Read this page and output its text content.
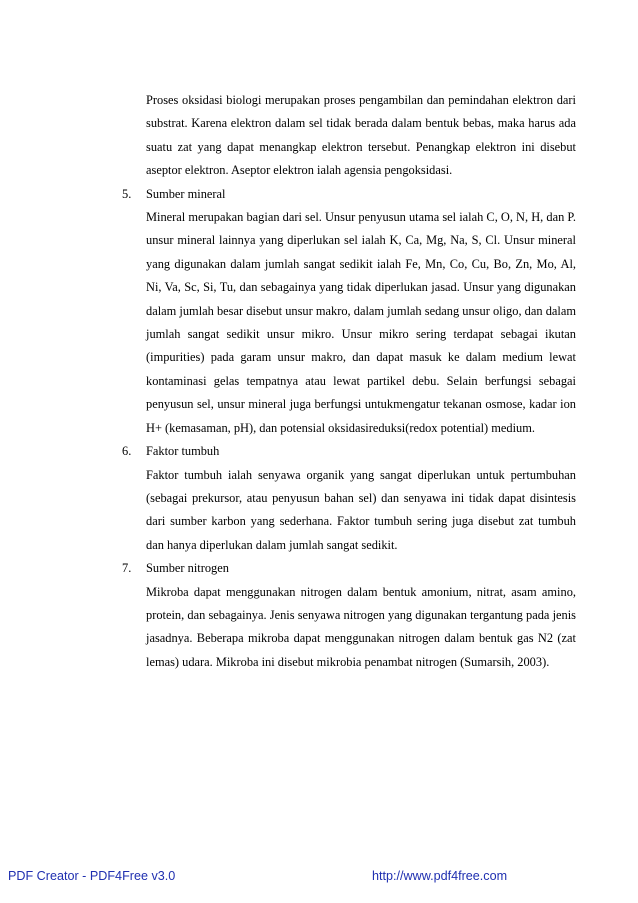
Proses oksidasi biologi merupakan proses pengambilan dan pemindahan elektron dari substrat. Karena elektron dalam sel tidak berada dalam bentuk bebas, maka harus ada suatu zat yang dapat menangkap elektron tersebut. Penangkap elektron ini disebut aseptor elektron. Aseptor elektron ialah agensia pengoksidasi.

5. Sumber mineral

Mineral merupakan bagian dari sel. Unsur penyusun utama sel ialah C, O, N, H, dan P. unsur mineral lainnya yang diperlukan sel ialah K, Ca, Mg, Na, S, Cl. Unsur mineral yang digunakan dalam jumlah sangat sedikit ialah Fe, Mn, Co, Cu, Bo, Zn, Mo, Al, Ni, Va, Sc, Si, Tu, dan sebagainya yang tidak diperlukan jasad. Unsur yang digunakan dalam jumlah besar disebut unsur makro, dalam jumlah sedang unsur oligo, dan dalam jumlah sangat sedikit unsur mikro. Unsur mikro sering terdapat sebagai ikutan (impurities) pada garam unsur makro, dan dapat masuk ke dalam medium lewat kontaminasi gelas tempatnya atau lewat partikel debu. Selain berfungsi sebagai penyusun sel, unsur mineral juga berfungsi untukmengatur tekanan osmose, kadar ion H+ (kemasaman, pH), dan potensial oksidasireduksi(redox potential) medium.

6. Faktor tumbuh

Faktor tumbuh ialah senyawa organik yang sangat diperlukan untuk pertumbuhan (sebagai prekursor, atau penyusun bahan sel) dan senyawa ini tidak dapat disintesis dari sumber karbon yang sederhana. Faktor tumbuh sering juga disebut zat tumbuh dan hanya diperlukan dalam jumlah sangat sedikit.

7. Sumber nitrogen

Mikroba dapat menggunakan nitrogen dalam bentuk amonium, nitrat, asam amino, protein, dan sebagainya. Jenis senyawa nitrogen yang digunakan tergantung pada jenis jasadnya. Beberapa mikroba dapat menggunakan nitrogen dalam bentuk gas N2 (zat lemas) udara. Mikroba ini disebut mikrobia penambat nitrogen (Sumarsih, 2003).

PDF Creator - PDF4Free v3.0	http://www.pdf4free.com
